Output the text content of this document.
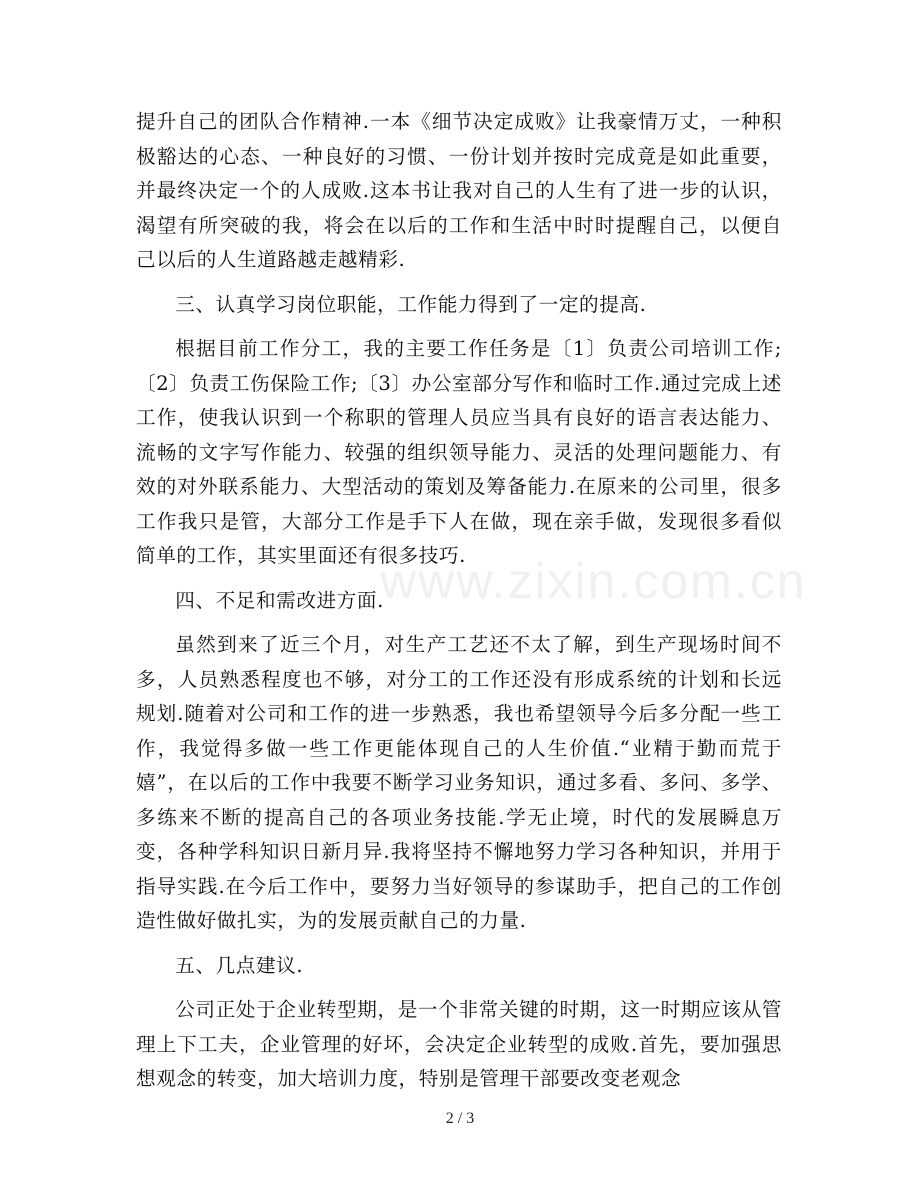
提升自己的团队合作精神.一本《细节决定成败》让我豪情万丈，一种积极豁达的心态、一种良好的习惯、一份计划并按时完成竟是如此重要，并最终决定一个的人成败.这本书让我对自己的人生有了进一步的认识，渴望有所突破的我，将会在以后的工作和生活中时时提醒自己，以便自己以后的人生道路越走越精彩.

三、认真学习岗位职能，工作能力得到了一定的提高.

根据目前工作分工，我的主要工作任务是〔1〕负责公司培训工作;〔2〕负责工伤保险工作;〔3〕办公室部分写作和临时工作.通过完成上述工作，使我认识到一个称职的管理人员应当具有良好的语言表达能力、流畅的文字写作能力、较强的组织领导能力、灵活的处理问题能力、有效的对外联系能力、大型活动的策划及筹备能力.在原来的公司里，很多工作我只是管，大部分工作是手下人在做，现在亲手做，发现很多看似简单的工作，其实里面还有很多技巧.

四、不足和需改进方面.

虽然到来了近三个月，对生产工艺还不太了解，到生产现场时间不多，人员熟悉程度也不够，对分工的工作还没有形成系统的计划和长远规划.随着对公司和工作的进一步熟悉，我也希望领导今后多分配一些工作，我觉得多做一些工作更能体现自己的人生价值.“业精于勤而荒于嬉”，在以后的工作中我要不断学习业务知识，通过多看、多问、多学、多练来不断的提高自己的各项业务技能.学无止境，时代的发展瞬息万变，各种学科知识日新月异.我将坚持不懈地努力学习各种知识，并用于指导实践.在今后工作中，要努力当好领导的参谋助手，把自己的工作创造性做好做扎实，为的发展贡献自己的力量.

五、几点建议.

公司正处于企业转型期，是一个非常关键的时期，这一时期应该从管理上下工夫，企业管理的好坏，会决定企业转型的成败.首先，要加强思想观念的转变，加大培训力度，特别是管理干部要改变老观念

www.zixin.com.cn
2 / 3
